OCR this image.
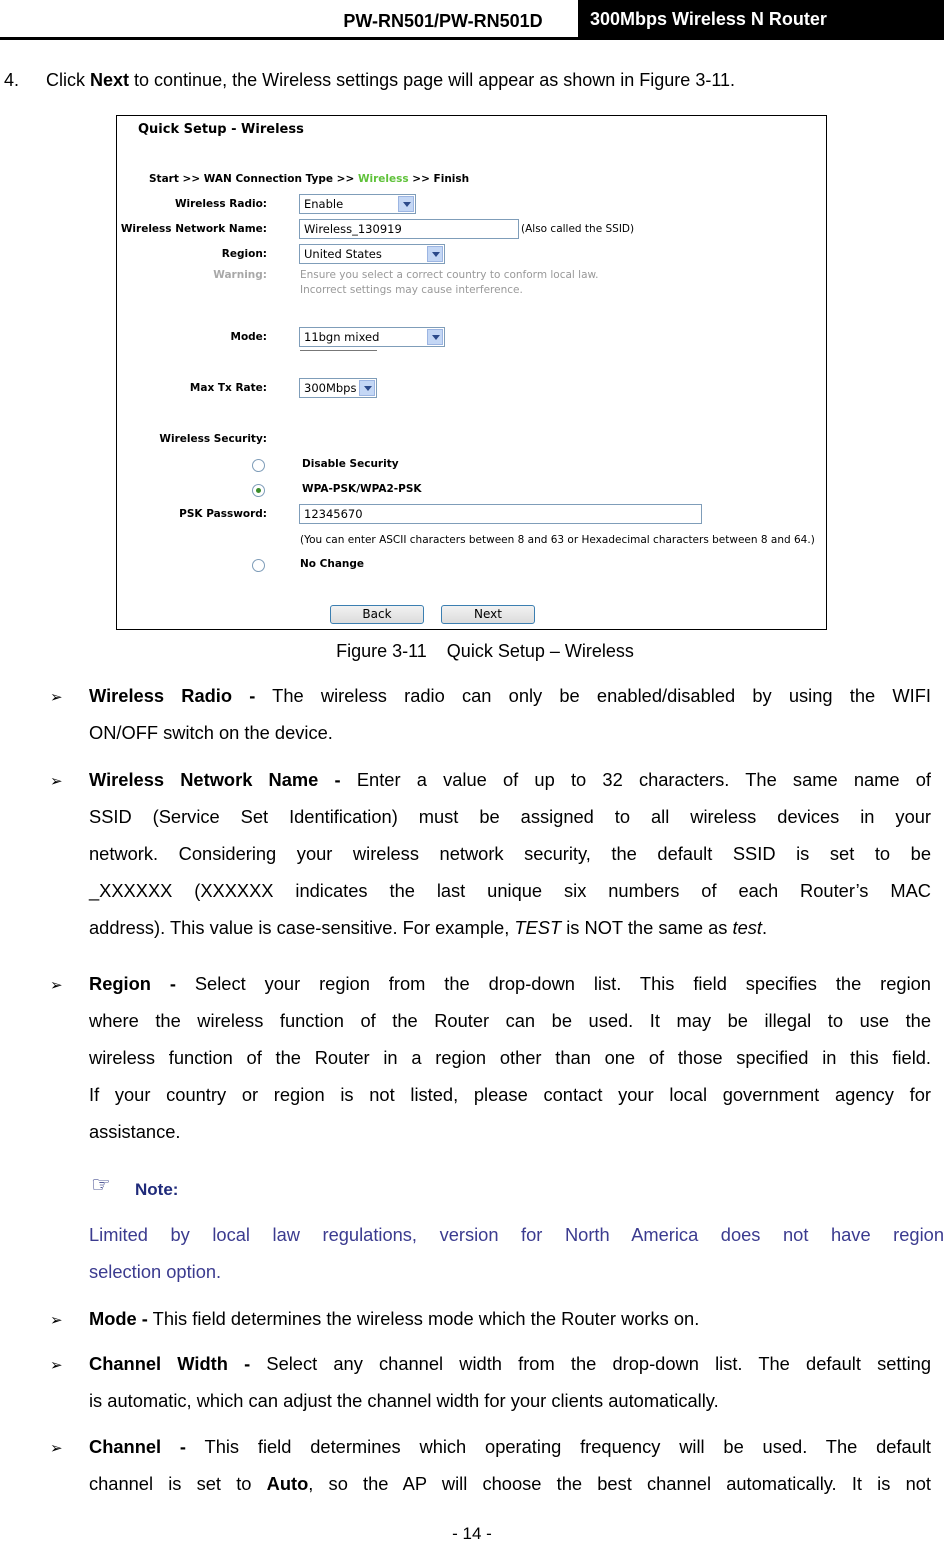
PW-RN501/PW-RN501D	300Mbps Wireless N Router
4. Click Next to continue, the Wireless settings page will appear as shown in Figure 3-11.
Quick Setup - Wireless
Start >> WAN Connection Type >> Wireless >> Finish
Wireless Radio:	Enable
Wireless Network Name:	Wireless_130919	(Also called the SSID)
Region:	United States
Warning:	Ensure you select a correct country to conform local law.
Incorrect settings may cause interference.
Mode:	11bgn mixed
Max Tx Rate:	300Mbps
Wireless Security:
Disable Security
WPA-PSK/WPA2-PSK
PSK Password:	12345670
(You can enter ASCII characters between 8 and 63 or Hexadecimal characters between 8 and 64.)
No Change
Back	Next
Figure 3-11    Quick Setup – Wireless
➢ Wireless Radio - The wireless radio can only be enabled/disabled by using the WIFI
ON/OFF switch on the device.
➢ Wireless Network Name - Enter a value of up to 32 characters. The same name of
SSID (Service Set Identification) must be assigned to all wireless devices in your
network. Considering your wireless network security, the default SSID is set to be
_XXXXXX (XXXXXX indicates the last unique six numbers of each Router’s MAC
address). This value is case-sensitive. For example, TEST is NOT the same as test.
➢ Region - Select your region from the drop-down list. This field specifies the region
where the wireless function of the Router can be used. It may be illegal to use the
wireless function of the Router in a region other than one of those specified in this field.
If your country or region is not listed, please contact your local government agency for
assistance.
☞ Note:
Limited by local law regulations, version for North America does not have region
selection option.
➢ Mode - This field determines the wireless mode which the Router works on.
➢ Channel Width - Select any channel width from the drop-down list. The default setting
is automatic, which can adjust the channel width for your clients automatically.
➢ Channel - This field determines which operating frequency will be used. The default
channel is set to Auto, so the AP will choose the best channel automatically. It is not
- 14 -
